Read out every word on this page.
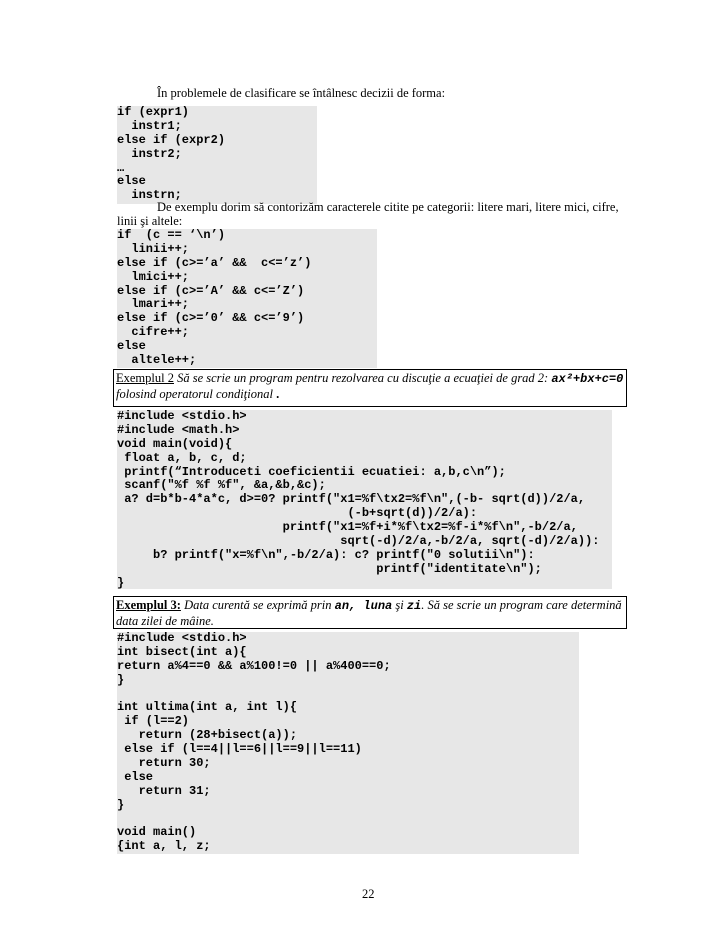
În problemele de clasificare se întâlnesc decizii de forma:
if (expr1)
instr1;
else if (expr2)
instr2;
…
else
instrn;
De exemplu dorim să contorizăm caracterele citite pe categorii: litere mari, litere mici, cifre,
linii şi altele:
if  (c == ‘\n’)
linii++;
else if (c>=’a’ &&  c<=’z’)
lmici++;
else if (c>=’A’ && c<=’Z’)
lmari++;
else if (c>=’0’ && c<=’9’)
cifre++;
else
altele++;
Exemplul 2 Să se scrie un program pentru rezolvarea cu discuţie a ecuaţiei de grad 2: ax²+bx+c=0
folosind operatorul condiţional .
#include <stdio.h>
#include <math.h>
void main(void){
float a, b, c, d;
printf(“Introduceti coeficientii ecuatiei: a,b,c\n”);
scanf("%f %f %f", &a,&b,&c);
a? d=b*b-4*a*c, d>=0? printf("x1=%f\tx2=%f\n",(-b- sqrt(d))/2/a,
(-b+sqrt(d))/2/a):
printf("x1=%f+i*%f\tx2=%f-i*%f\n",-b/2/a,
sqrt(-d)/2/a,-b/2/a, sqrt(-d)/2/a)):
b? printf("x=%f\n",-b/2/a): c? printf("0 solutii\n"):
printf("identitate\n");
}
Exemplul 3: Data curentă se exprimă prin an, luna şi zi. Să se scrie un program care determină
data zilei de mâine.
#include <stdio.h>
int bisect(int a){
return a%4==0 && a%100!=0 || a%400==0;
}
int ultima(int a, int l){
if (l==2)
return (28+bisect(a));
else if (l==4||l==6||l==9||l==11)
return 30;
else
return 31;
}
void main()
{int a, l, z;
22
